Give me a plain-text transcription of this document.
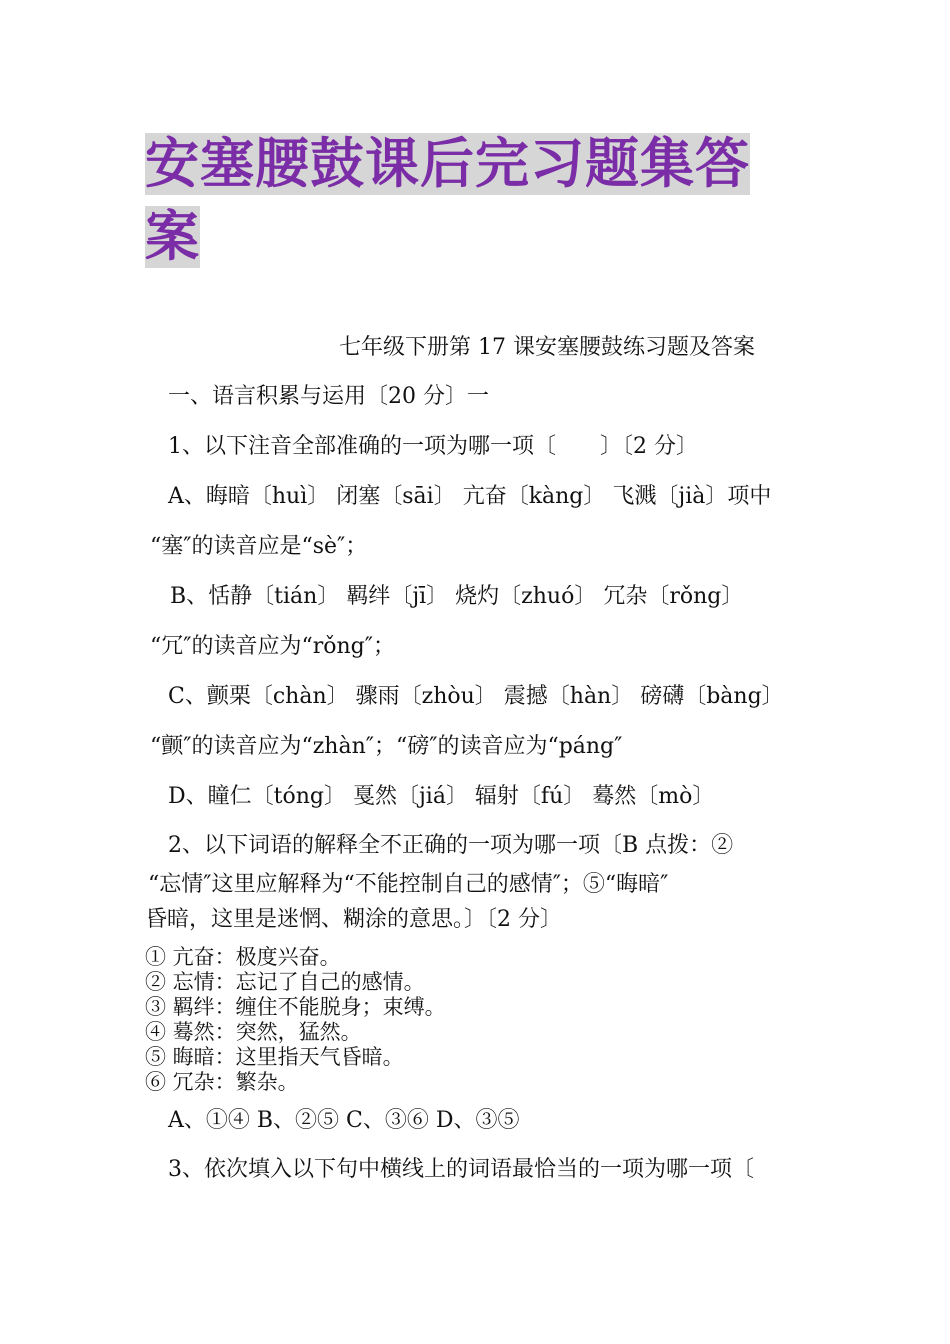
安塞腰鼓课后完习题集答
案
七年级下册第 17 课安塞腰鼓练习题及答案
一、语言积累与运用〔20 分〕一
1、以下注音全部准确的一项为哪一项〔　　〕〔2 分〕
A、晦暗〔huì〕 闭塞〔sāi〕 亢奋〔kàng〕 飞溅〔jià〕项中
“塞″的读音应是“sè″；
B、恬静〔tián〕 羁绊〔jī〕 烧灼〔zhuó〕 冗杂〔rǒng〕
“冗″的读音应为“rǒng″；
C、颤栗〔chàn〕 骤雨〔zhòu〕 震撼〔hàn〕 磅礴〔bàng〕
“颤″的读音应为“zhàn″；“磅″的读音应为“páng″
D、瞳仁〔tóng〕 戛然〔jiá〕 辐射〔fú〕 蓦然〔mò〕
2、以下词语的解释全不正确的一项为哪一项〔B 点拨：②
“忘情″这里应解释为“不能控制自己的感情″；⑤“晦暗″
昏暗，这里是迷惘、糊涂的意思。〕〔2 分〕
① 亢奋：极度兴奋。
② 忘情：忘记了自己的感情。
③ 羁绊：缠住不能脱身；束缚。
④ 蓦然：突然，猛然。
⑤ 晦暗：这里指天气昏暗。
⑥ 冗杂：繁杂。
A、①④ B、②⑤ C、③⑥ D、③⑤
3、依次填入以下句中横线上的词语最恰当的一项为哪一项〔
